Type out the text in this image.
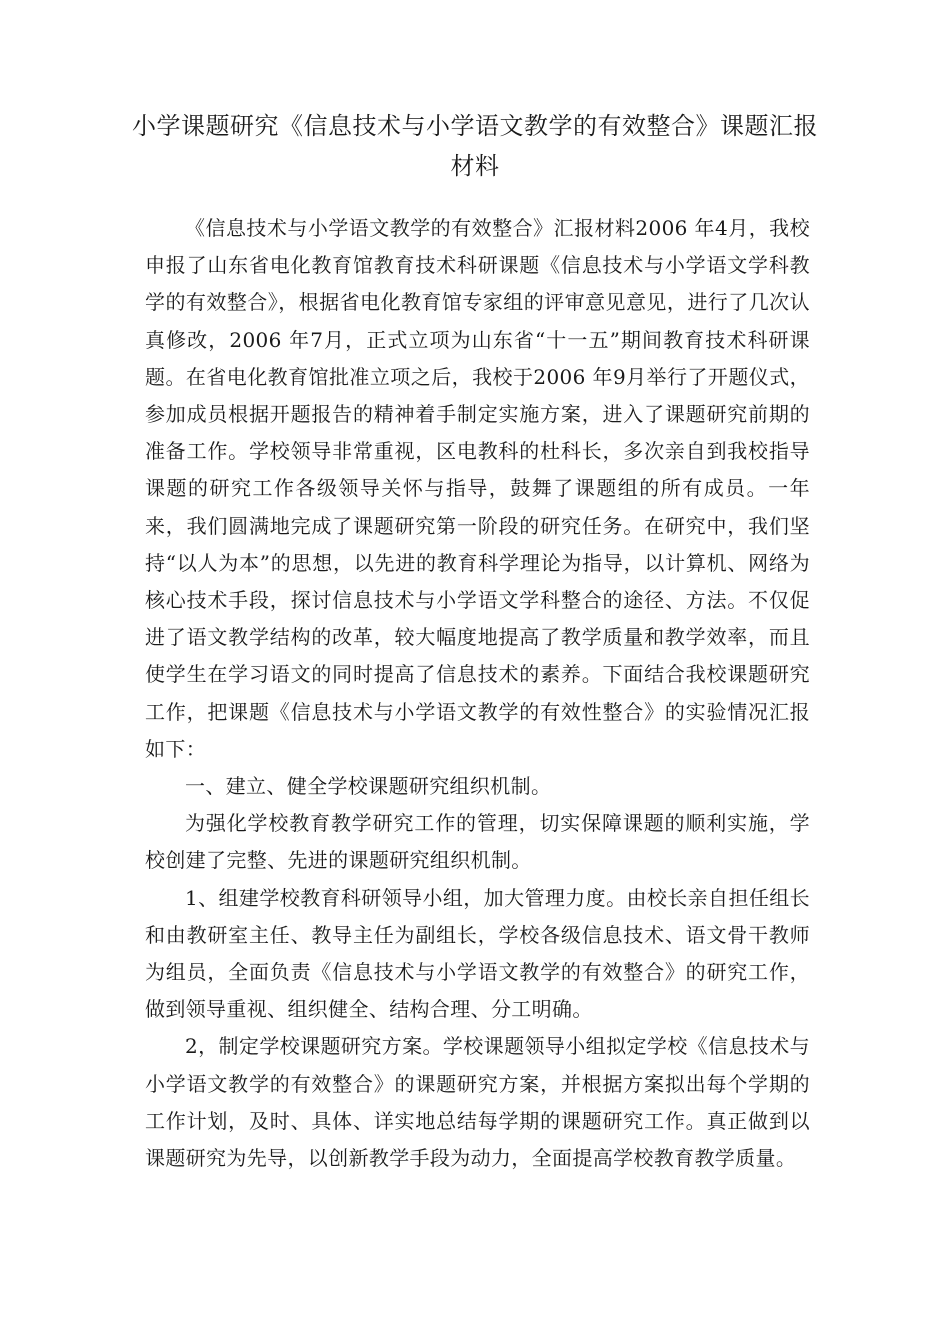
小学课题研究《信息技术与小学语文教学的有效整合》课题汇报材料

《信息技术与小学语文教学的有效整合》汇报材料2006 年4月，我校申报了山东省电化教育馆教育技术科研课题《信息技术与小学语文学科教学的有效整合》，根据省电化教育馆专家组的评审意见意见，进行了几次认真修改，2006 年7月，正式立项为山东省“十一五”期间教育技术科研课题。在省电化教育馆批准立项之后，我校于2006 年9月举行了开题仪式，参加成员根据开题报告的精神着手制定实施方案，进入了课题研究前期的准备工作。学校领导非常重视，区电教科的杜科长，多次亲自到我校指导课题的研究工作各级领导关怀与指导，鼓舞了课题组的所有成员。一年来，我们圆满地完成了课题研究第一阶段的研究任务。在研究中，我们坚持“以人为本”的思想，以先进的教育科学理论为指导，以计算机、网络为核心技术手段，探讨信息技术与小学语文学科整合的途径、方法。不仅促进了语文教学结构的改革，较大幅度地提高了教学质量和教学效率，而且使学生在学习语文的同时提高了信息技术的素养。下面结合我校课题研究工作，把课题《信息技术与小学语文教学的有效性整合》的实验情况汇报如下：

一、建立、健全学校课题研究组织机制。

为强化学校教育教学研究工作的管理，切实保障课题的顺利实施，学校创建了完整、先进的课题研究组织机制。

1、组建学校教育科研领导小组，加大管理力度。由校长亲自担任组长和由教研室主任、教导主任为副组长，学校各级信息技术、语文骨干教师为组员，全面负责《信息技术与小学语文教学的有效整合》的研究工作，做到领导重视、组织健全、结构合理、分工明确。

2，制定学校课题研究方案。学校课题领导小组拟定学校《信息技术与小学语文教学的有效整合》的课题研究方案，并根据方案拟出每个学期的工作计划，及时、具体、详实地总结每学期的课题研究工作。真正做到以课题研究为先导，以创新教学手段为动力，全面提高学校教育教学质量。
